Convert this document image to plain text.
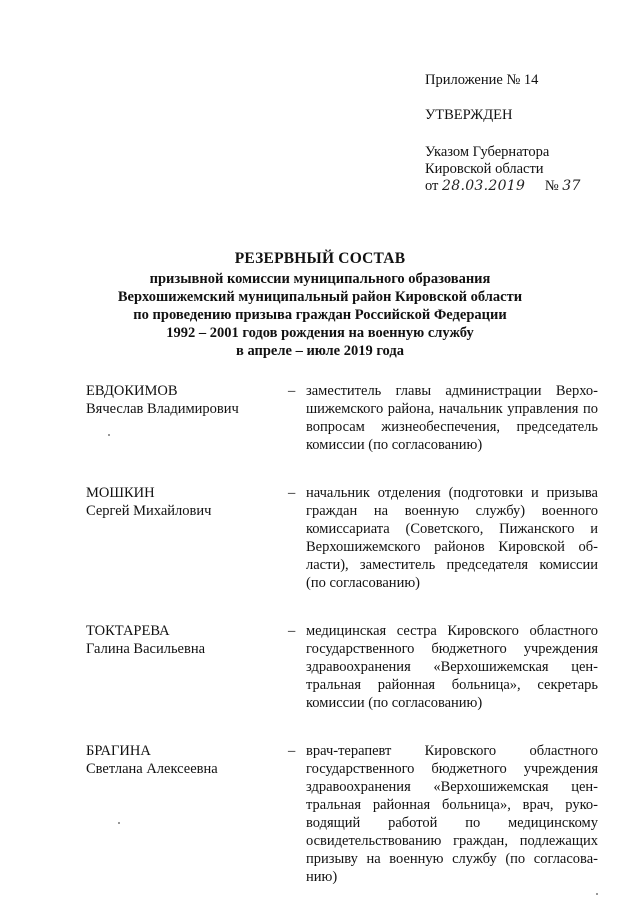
Приложение № 14
УТВЕРЖДЕН
Указом Губернатора
Кировской области
от 28.03.2019 № 37
РЕЗЕРВНЫЙ СОСТАВ
призывной комиссии муниципального образования
Верхошижемский муниципальный район Кировской области
по проведению призыва граждан Российской Федерации
1992 – 2001 годов рождения на военную службу
в апреле – июле 2019 года
ЕВДОКИМОВ
Вячеслав Владимирович
– заместитель главы администрации Верхошижемского района, начальник управления по вопросам жизнеобеспечения, председатель комиссии (по согласованию)
МОШКИН
Сергей Михайлович
– начальник отделения (подготовки и призыва граждан на военную службу) военного комиссариата (Советского, Пижанского и Верхошижемского районов Кировской области), заместитель председателя комиссии (по согласованию)
ТОКТАРЕВА
Галина Васильевна
– медицинская сестра Кировского областного государственного бюджетного учреждения здравоохранения «Верхошижемская центральная районная больница», секретарь комиссии (по согласованию)
БРАГИНА
Светлана Алексеевна
– врач-терапевт Кировского областного государственного бюджетного учреждения здравоохранения «Верхошижемская центральная районная больница», врач, руководящий работой по медицинскому освидетельствованию граждан, подлежащих призыву на военную службу (по согласованию)
